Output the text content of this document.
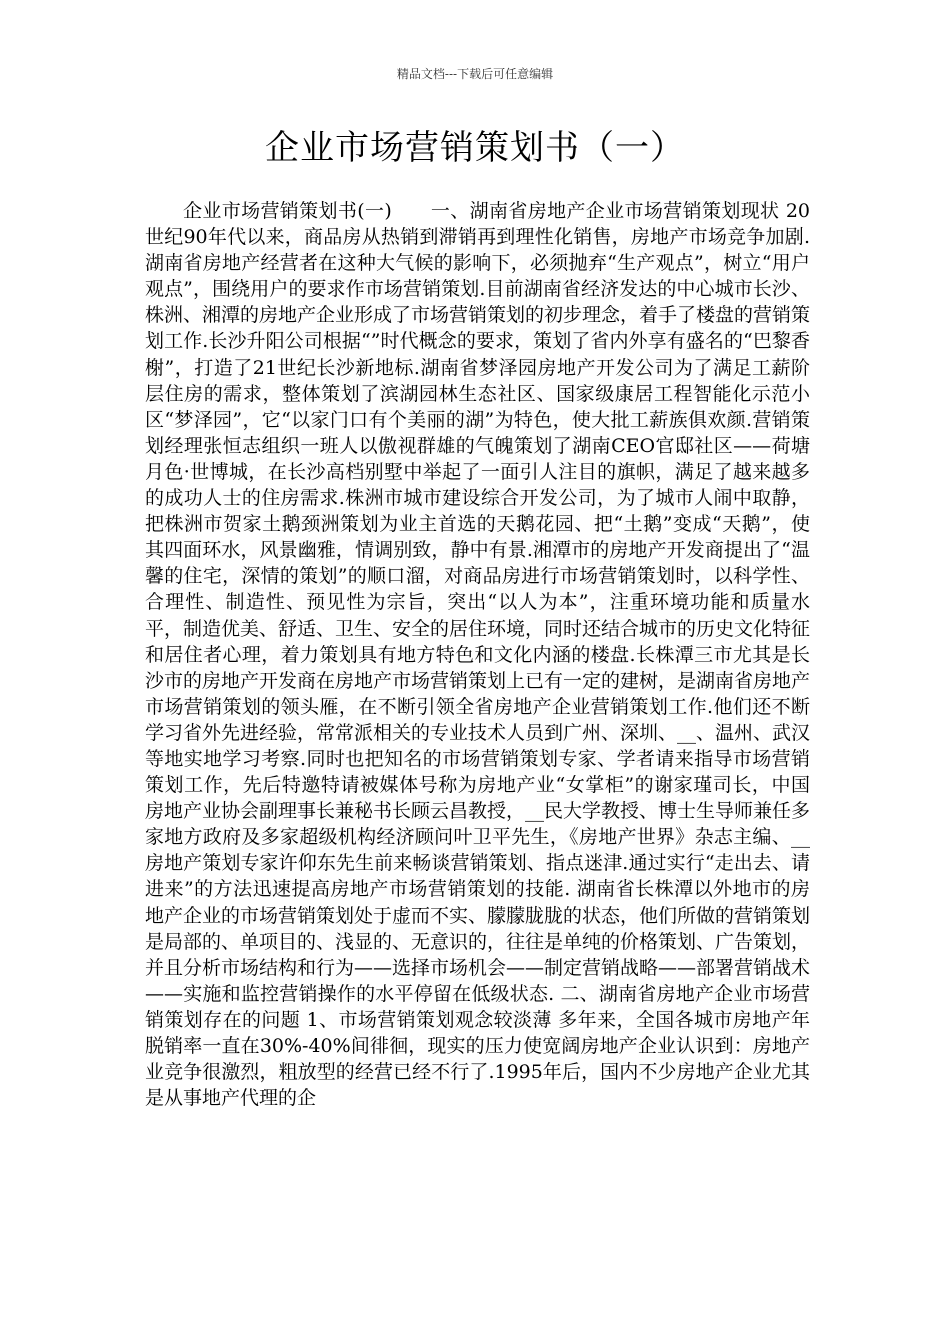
精品文档---下载后可任意编辑
企业市场营销策划书（一）

企业市场营销策划书(一)　　一、湖南省房地产企业市场营销策划现状 20世纪90年代以来，商品房从热销到滞销再到理性化销售，房地产市场竞争加剧.湖南省房地产经营者在这种大气候的影响下，必须抛弃“生产观点”，树立“用户观点”，围绕用户的要求作市场营销策划.目前湖南省经济发达的中心城市长沙、株洲、湘潭的房地产企业形成了市场营销策划的初步理念，着手了楼盘的营销策划工作.长沙升阳公司根据“”时代概念的要求，策划了省内外享有盛名的“巴黎香榭”，打造了21世纪长沙新地标.湖南省梦泽园房地产开发公司为了满足工薪阶层住房的需求，整体策划了滨湖园林生态社区、国家级康居工程智能化示范小区“梦泽园”，它“以家门口有个美丽的湖”为特色，使大批工薪族俱欢颜.营销策划经理张恒志组织一班人以傲视群雄的气魄策划了湖南CEO官邸社区——荷塘月色·世博城，在长沙高档别墅中举起了一面引人注目的旗帜，满足了越来越多的成功人士的住房需求.株洲市城市建设综合开发公司，为了城市人闹中取静，把株洲市贺家土鹅颈洲策划为业主首选的天鹅花园、把“土鹅”变成“天鹅”，使其四面环水，风景幽雅，情调别致，静中有景.湘潭市的房地产开发商提出了“温馨的住宅，深情的策划”的顺口溜，对商品房进行市场营销策划时，以科学性、合理性、制造性、预见性为宗旨，突出“以人为本”，注重环境功能和质量水平，制造优美、舒适、卫生、安全的居住环境，同时还结合城市的历史文化特征和居住者心理，着力策划具有地方特色和文化内涵的楼盘.长株潭三市尤其是长沙市的房地产开发商在房地产市场营销策划上已有一定的建树，是湖南省房地产市场营销策划的领头雁，在不断引领全省房地产企业营销策划工作.他们还不断学习省外先进经验，常常派相关的专业技术人员到广州、深圳、__、温州、武汉等地实地学习考察.同时也把知名的市场营销策划专家、学者请来指导市场营销策划工作，先后特邀特请被媒体号称为房地产业“女掌柜”的谢家瑾司长，中国房地产业协会副理事长兼秘书长顾云昌教授，__民大学教授、博士生导师兼任多家地方政府及多家超级机构经济顾问叶卫平先生，《房地产世界》杂志主编、__房地产策划专家许仰东先生前来畅谈营销策划、指点迷津.通过实行“走出去、请进来”的方法迅速提高房地产市场营销策划的技能. 湖南省长株潭以外地市的房地产企业的市场营销策划处于虚而不实、朦朦胧胧的状态，他们所做的营销策划是局部的、单项目的、浅显的、无意识的，往往是单纯的价格策划、广告策划，并且分析市场结构和行为——选择市场机会——制定营销战略——部署营销战术——实施和监控营销操作的水平停留在低级状态. 二、湖南省房地产企业市场营销策划存在的问题 1、市场营销策划观念较淡薄 多年来，全国各城市房地产年脱销率一直在30%-40%间徘徊，现实的压力使宽阔房地产企业认识到：房地产业竞争很激烈，粗放型的经营已经不行了.1995年后，国内不少房地产企业尤其是从事地产代理的企
